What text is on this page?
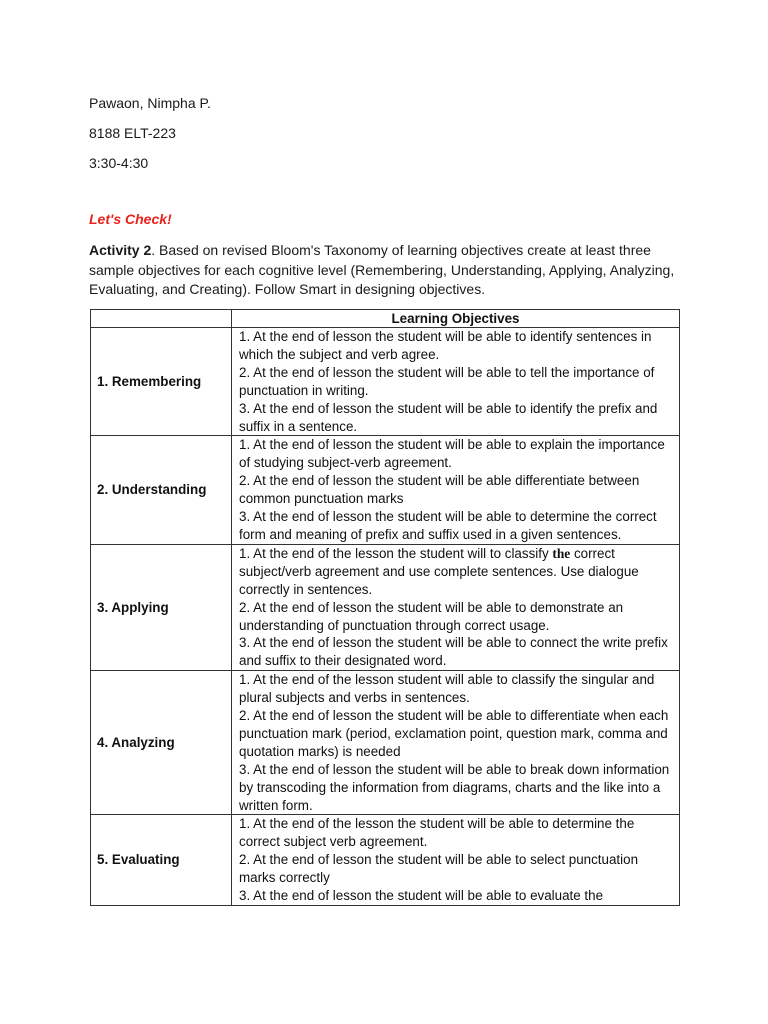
Pawaon, Nimpha P.
8188 ELT-223
3:30-4:30
Let's Check!
Activity 2. Based on revised Bloom's Taxonomy of learning objectives create at least three sample objectives for each cognitive level (Remembering, Understanding, Applying, Analyzing, Evaluating, and Creating). Follow Smart in designing objectives.
	Learning Objectives
1. Remembering	1. At the end of lesson the student will be able to identify sentences in which the subject and verb agree.
2. At the end of lesson the student will be able to tell the importance of punctuation in writing.
3. At the end of lesson the student will be able to identify the prefix and suffix in a sentence.

2. Understanding	1. At the end of lesson the student will be able to explain the importance of studying subject-verb agreement.
2. At the end of lesson the student will be able differentiate between common punctuation marks
3. At the end of lesson the student will be able to determine the correct form and meaning of prefix and suffix used in a given sentences.

3. Applying	1. At the end of the lesson the student will to classify the correct subject/verb agreement and use complete sentences. Use dialogue correctly in sentences.
2. At the end of lesson the student will be able to demonstrate an understanding of punctuation through correct usage.
3. At the end of lesson the student will be able to connect the write prefix and suffix to their designated word.

4. Analyzing	1. At the end of the lesson student will able to classify the singular and plural subjects and verbs in sentences.
2. At the end of lesson the student will be able to differentiate when each punctuation mark (period, exclamation point, question mark, comma and quotation marks) is needed
3. At the end of lesson the student will be able to break down information by transcoding the information from diagrams, charts and the like into a written form.

5. Evaluating	1. At the end of the lesson the student will be able to determine the correct subject verb agreement.
2. At the end of lesson the student will be able to select punctuation marks correctly
3. At the end of lesson the student will be able to evaluate the
